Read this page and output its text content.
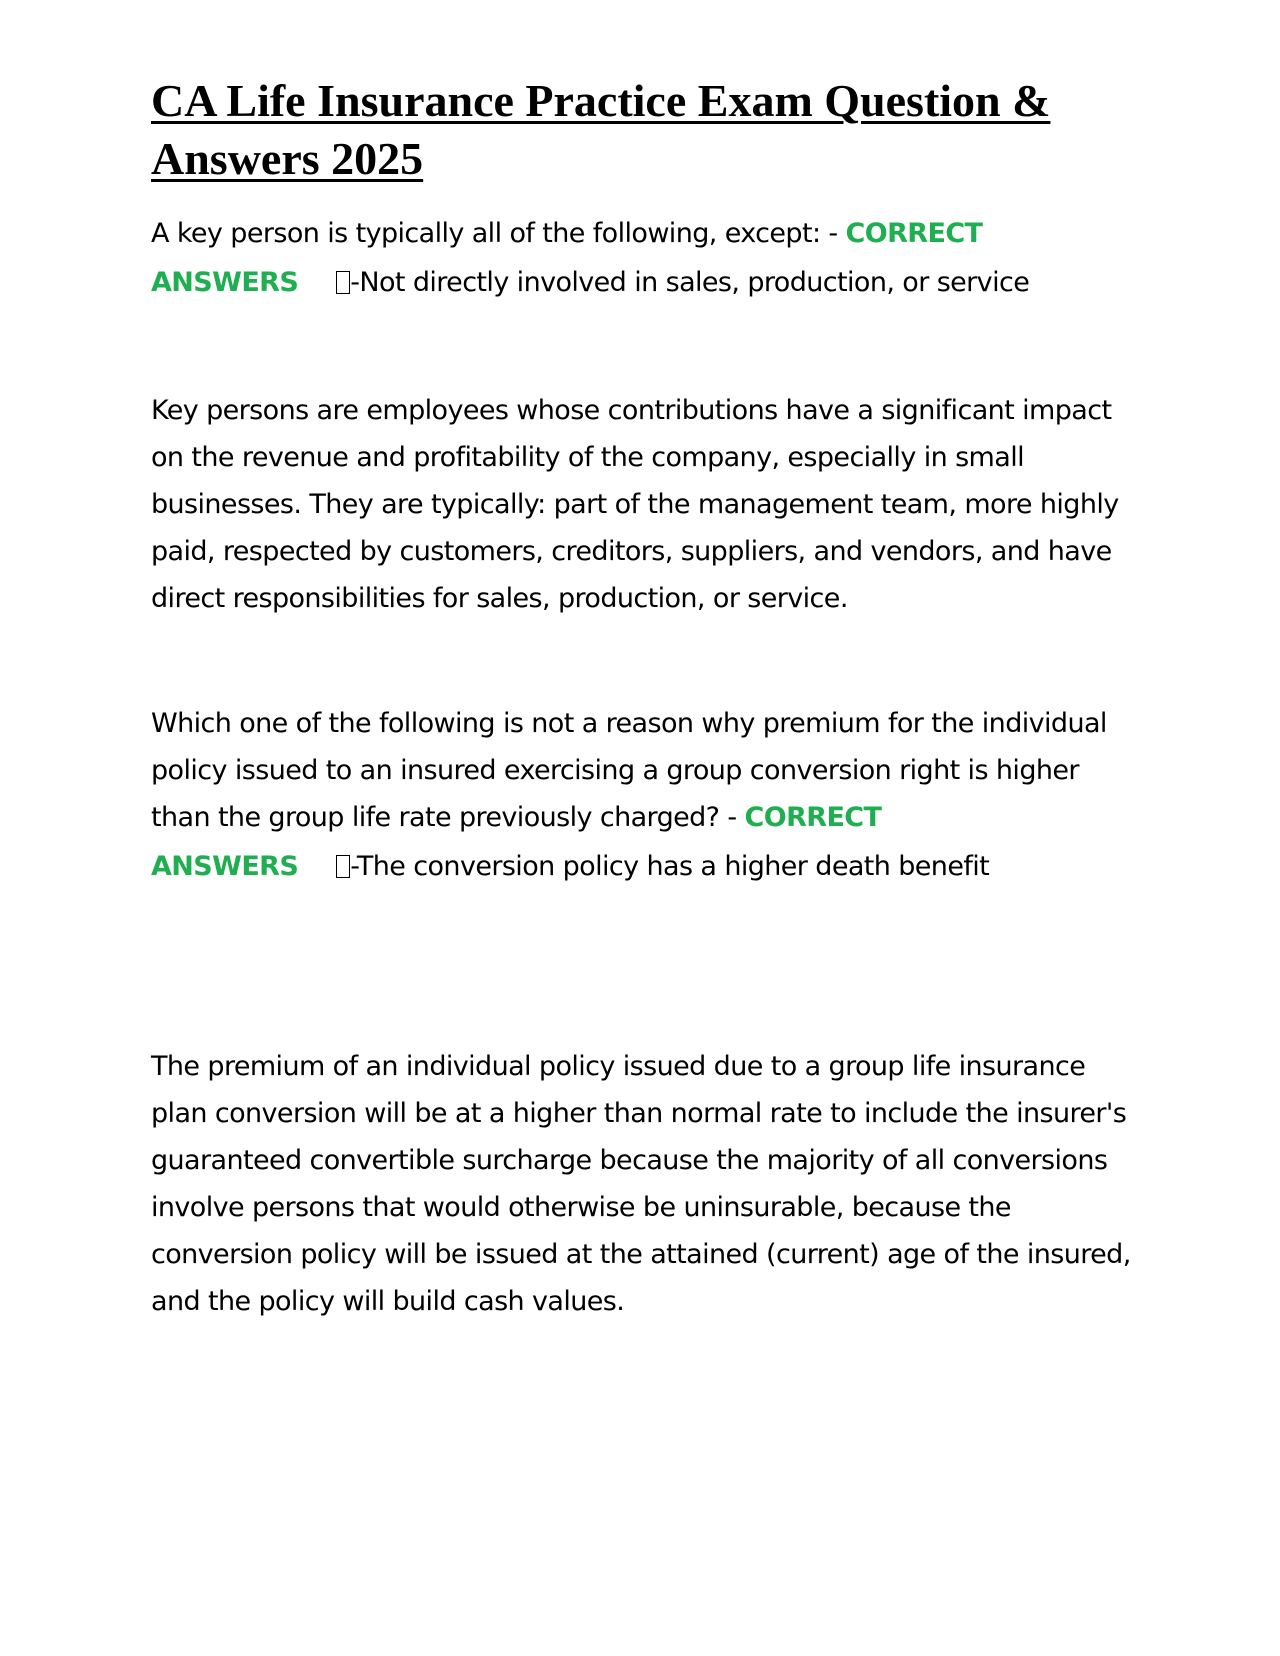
CA Life Insurance Practice Exam Question & Answers 2025
A key person is typically all of the following, except: - CORRECT
ANSWERS -Not directly involved in sales, production, or service

Key persons are employees whose contributions have a significant impact on the revenue and profitability of the company, especially in small businesses. They are typically: part of the management team, more highly paid, respected by customers, creditors, suppliers, and vendors, and have direct responsibilities for sales, production, or service.

Which one of the following is not a reason why premium for the individual policy issued to an insured exercising a group conversion right is higher than the group life rate previously charged? - CORRECT
ANSWERS -The conversion policy has a higher death benefit

The premium of an individual policy issued due to a group life insurance plan conversion will be at a higher than normal rate to include the insurer's guaranteed convertible surcharge because the majority of all conversions involve persons that would otherwise be uninsurable, because the conversion policy will be issued at the attained (current) age of the insured, and the policy will build cash values.
